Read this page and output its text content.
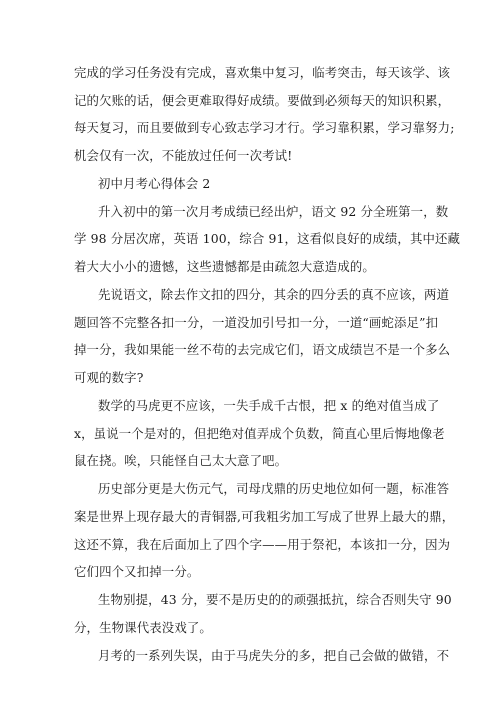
完成的学习任务没有完成，喜欢集中复习，临考突击，每天该学、该
记的欠账的话，便会更难取得好成绩。要做到必须每天的知识积累，
每天复习，而且要做到专心致志学习才行。学习靠积累，学习靠努力;
机会仅有一次，不能放过任何一次考试!
初中月考心得体会 2
升入初中的第一次月考成绩已经出炉，语文 92 分全班第一，数
学 98 分居次席，英语 100，综合 91，这看似良好的成绩，其中还藏
着大大小小的遗憾，这些遗憾都是由疏忽大意造成的。
先说语文，除去作文扣的四分，其余的四分丢的真不应该，两道
题回答不完整各扣一分，一道没加引号扣一分，一道“画蛇添足”扣
掉一分，我如果能一丝不苟的去完成它们，语文成绩岂不是一个多么
可观的数字?
数学的马虎更不应该，一失手成千古恨，把 x 的绝对值当成了
x，虽说一个是对的，但把绝对值弄成个负数，简直心里后悔地像老
鼠在挠。唉，只能怪自己太大意了吧。
历史部分更是大伤元气，司母戊鼎的历史地位如何一题，标准答
案是世界上现存最大的青铜器,可我粗劣加工写成了世界上最大的鼎，
这还不算，我在后面加上了四个字——用于祭祀，本该扣一分，因为
它们四个又扣掉一分。
生物别提，43 分，要不是历史的的顽强抵抗，综合否则失守 90
分，生物课代表没戏了。
月考的一系列失误，由于马虎失分的多，把自己会做的做错，不
